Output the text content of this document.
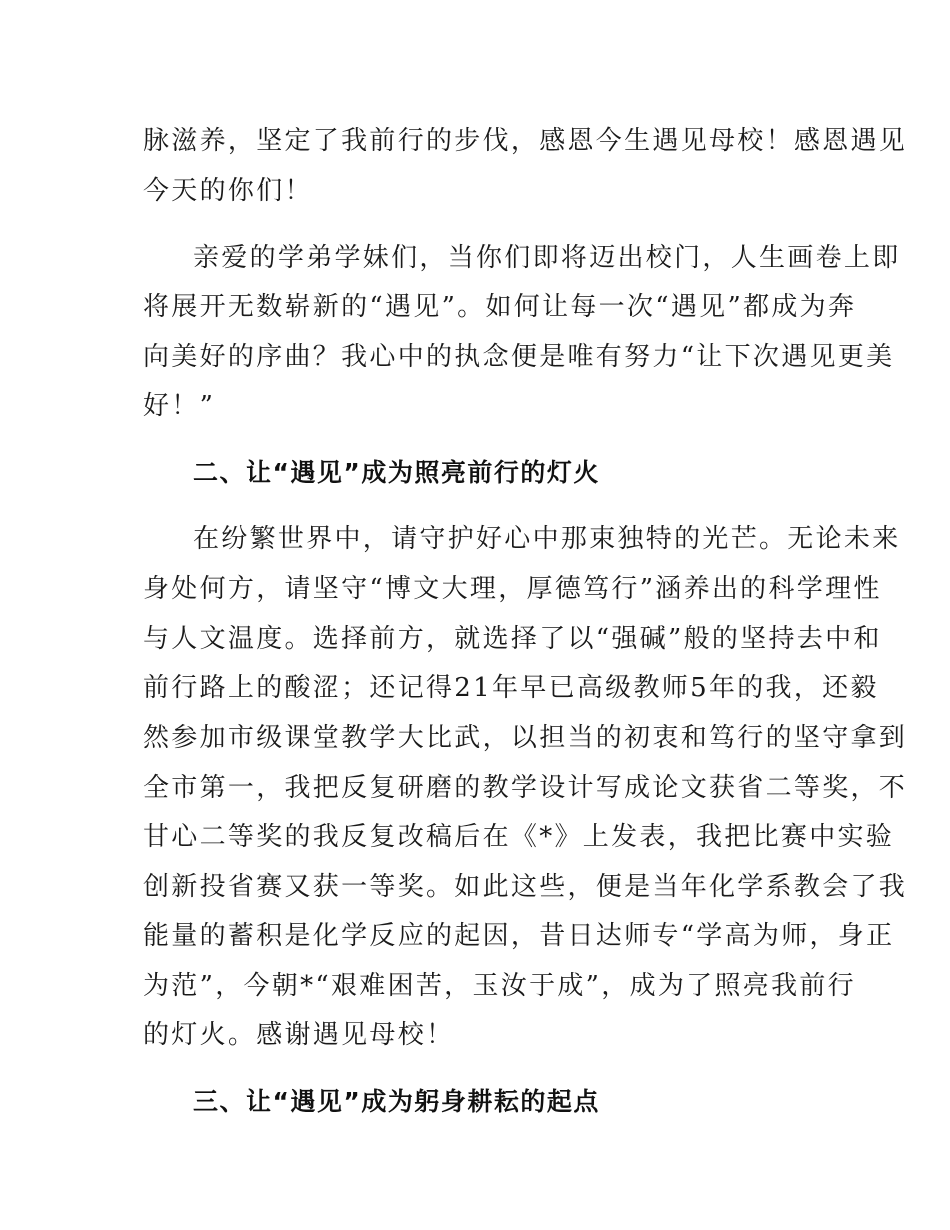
脉滋养，坚定了我前行的步伐，感恩今生遇见母校！感恩遇见
今天的你们！
亲爱的学弟学妹们，当你们即将迈出校门，人生画卷上即
将展开无数崭新的“遇见”。如何让每一次“遇见”都成为奔
向美好的序曲？我心中的执念便是唯有努力“让下次遇见更美
好！”
二、让“遇见”成为照亮前行的灯火
在纷繁世界中，请守护好心中那束独特的光芒。无论未来
身处何方，请坚守“博文大理，厚德笃行”涵养出的科学理性
与人文温度。选择前方，就选择了以“强碱”般的坚持去中和
前行路上的酸涩；还记得21年早已高级教师5年的我，还毅
然参加市级课堂教学大比武，以担当的初衷和笃行的坚守拿到
全市第一，我把反复研磨的教学设计写成论文获省二等奖，不
甘心二等奖的我反复改稿后在《*》上发表，我把比赛中实验
创新投省赛又获一等奖。如此这些，便是当年化学系教会了我
能量的蓄积是化学反应的起因，昔日达师专“学高为师，身正
为范”，今朝*“艰难困苦，玉汝于成”，成为了照亮我前行
的灯火。感谢遇见母校！
三、让“遇见”成为躬身耕耘的起点
